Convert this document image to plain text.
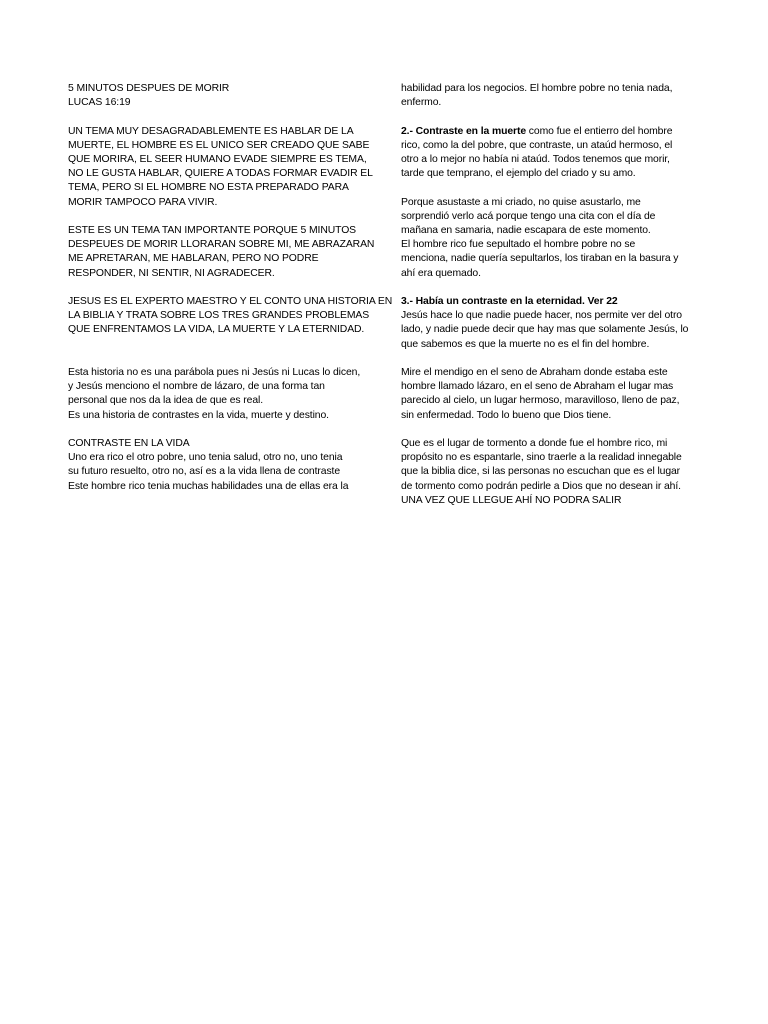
5 MINUTOS DESPUES DE MORIR
LUCAS 16:19
UN TEMA MUY DESAGRADABLEMENTE ES HABLAR DE LA
MUERTE, EL HOMBRE ES EL UNICO SER CREADO QUE SABE
QUE MORIRA, EL SEER HUMANO EVADE SIEMPRE ES TEMA,
NO LE GUSTA HABLAR, QUIERE A TODAS FORMAR EVADIR EL
TEMA, PERO SI EL HOMBRE NO ESTA PREPARADO PARA
MORIR TAMPOCO PARA VIVIR.
ESTE ES UN TEMA TAN IMPORTANTE PORQUE 5 MINUTOS
DESPEUES DE MORIR LLORARAN SOBRE MI, ME ABRAZARAN
ME APRETARAN, ME HABLARAN, PERO NO PODRE
RESPONDER, NI SENTIR, NI AGRADECER.
JESUS ES EL EXPERTO MAESTRO Y EL CONTO UNA HISTORIA EN
LA BIBLIA Y TRATA SOBRE LOS TRES GRANDES PROBLEMAS
QUE ENFRENTAMOS LA VIDA, LA MUERTE Y LA ETERNIDAD.
Esta historia no es una parábola pues ni Jesús ni Lucas lo dicen,
y Jesús menciono el nombre de lázaro, de una forma tan
personal que nos da la idea de que es real.
Es una historia de contrastes en la vida, muerte y destino.
CONTRASTE EN LA VIDA
Uno era rico el otro pobre, uno tenia salud, otro no, uno tenia
su futuro resuelto, otro no, así es a la vida llena de contraste
Este hombre rico tenia muchas habilidades una de ellas era la
habilidad para los negocios. El hombre pobre no tenia nada,
enfermo.
2.- Contraste en la muerte como fue el entierro del hombre
rico, como la del pobre, que contraste, un ataúd hermoso, el
otro a lo mejor no había ni ataúd. Todos tenemos que morir,
tarde que temprano, el ejemplo del criado y su amo.
Porque asustaste a mi criado, no quise asustarlo, me
sorprendió verlo acá porque tengo una cita con el día de
mañana en samaria, nadie escapara de este momento.
El hombre rico fue sepultado el hombre pobre no se
menciona, nadie quería sepultarlos, los tiraban en la basura y
ahí era quemado.
3.- Había un contraste en la eternidad. Ver 22
Jesús hace lo que nadie puede hacer, nos permite ver del otro
lado, y nadie puede decir que hay mas que solamente Jesús, lo
que sabemos es que la muerte no es el fin del hombre.
Mire el mendigo en el seno de Abraham donde estaba este
hombre llamado lázaro, en el seno de Abraham el lugar mas
parecido al cielo, un lugar hermoso, maravilloso, lleno de paz,
sin enfermedad. Todo lo bueno que Dios tiene.
Que es el lugar de tormento a donde fue el hombre rico, mi
propósito no es espantarle, sino traerle a la realidad innegable
que la biblia dice, si las personas no escuchan que es el lugar
de tormento como podrán pedirle a Dios que no desean ir ahí.
UNA VEZ QUE LLEGUE AHÍ NO PODRA SALIR
